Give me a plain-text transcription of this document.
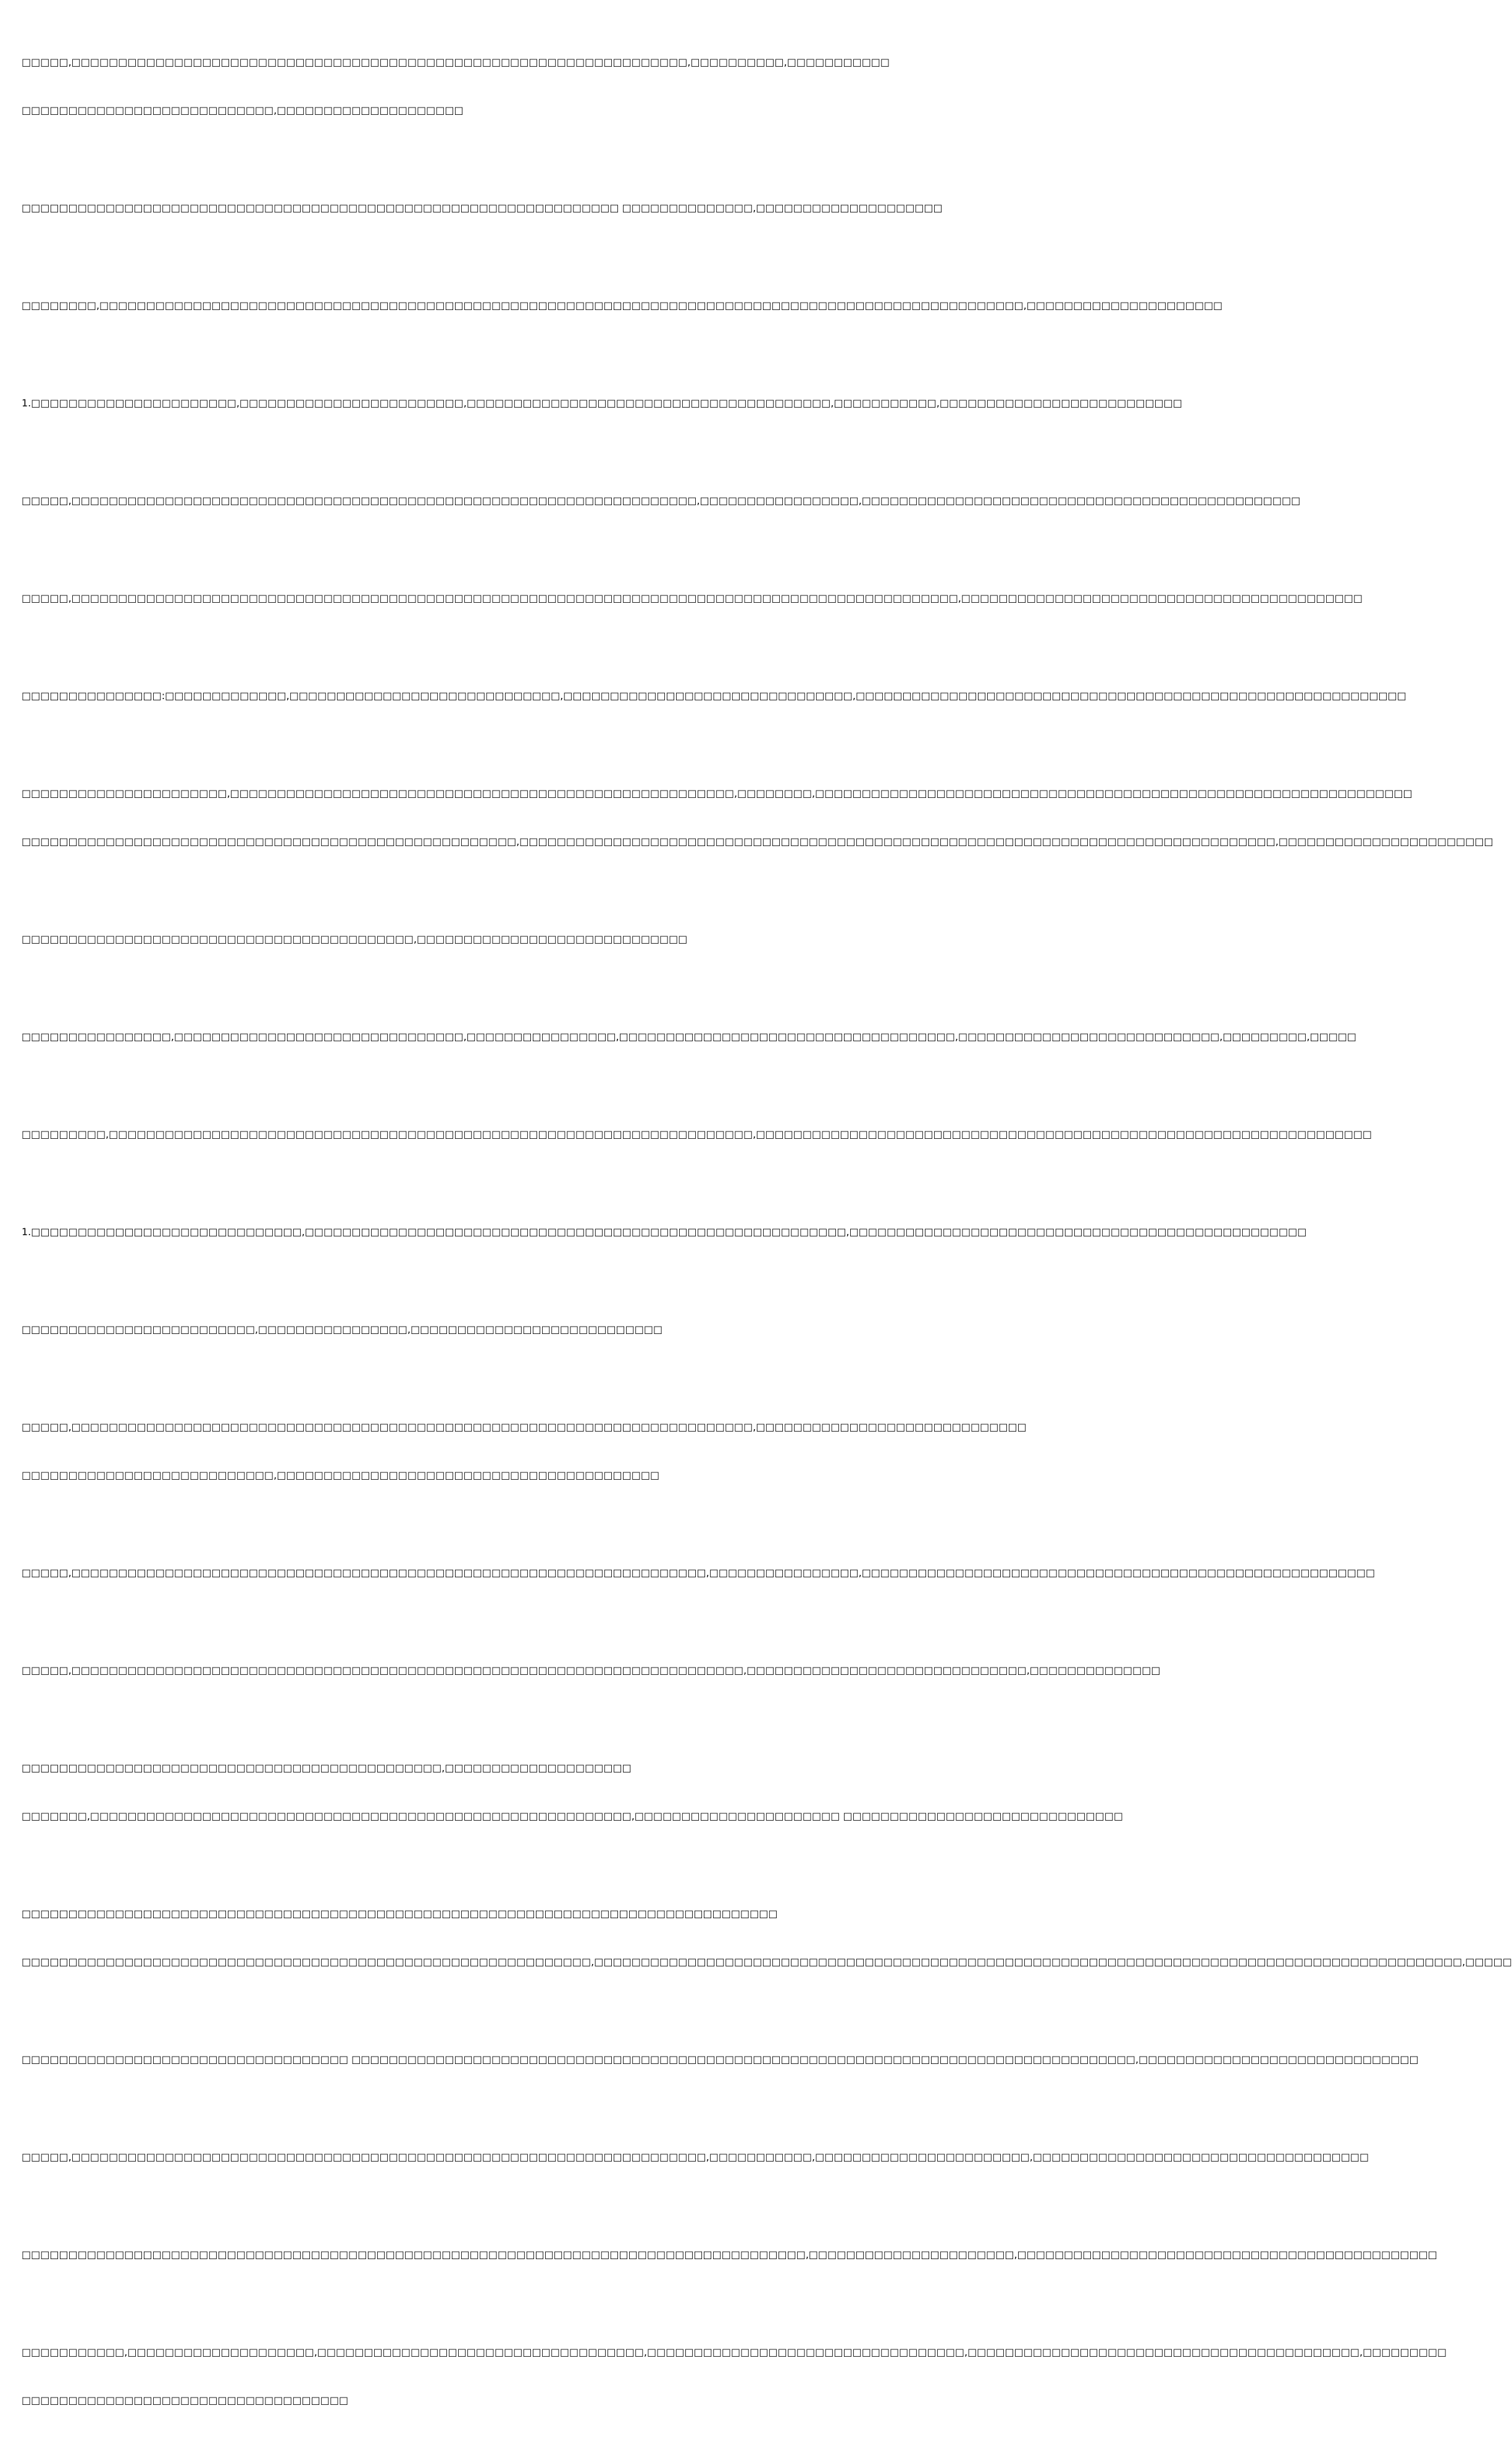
□□□□□,□□□□□□□□□□□□□□□□□□□□□□□□□□□□□□□□□□□□□□□□□□□□□□□□□□□□□□□□□□□□□□□□□□,□□□□□□□□□□,□□□□□□□□□□□

□□□□□□□□□□□□□□□□□□□□□□□□□□□,□□□□□□□□□□□□□□□□□□□□

□□□□□□□□□□□□□□□□□□□□□□□□□□□□□□□□□□□□□□□□□□□□□□□□□□□□□□□□□□□□□□□□ □□□□□□□□□□□□□□,□□□□□□□□□□□□□□□□□□□□

□□□□□□□□,□□□□□□□□□□□□□□□□□□□□□□□□□□□□□□□□□□□□□□□□□□□□□□□□□□□□□□□□□□□□□□□□□□□□□□□□□□□□□□□□□□□□□□□□□□□□□□□□□□□,□□□□□□□□□□□□□□□□□□□□□

1.□□□□□□□□□□□□□□□□□□□□□□,□□□□□□□□□□□□□□□□□□□□□□□□,□□□□□□□□□□□□□□□□□□□□□□□□□□□□□□□□□□□□□□□,□□□□□□□□□□□,□□□□□□□□□□□□□□□□□□□□□□□□□□

□□□□□,□□□□□□□□□□□□□□□□□□□□□□□□□□□□□□□□□□□□□□□□□□□□□□□□□□□□□□□□□□□□□□□□□□□,□□□□□□□□□□□□□□□□□,□□□□□□□□□□□□□□□□□□□□□□□□□□□□□□□□□□□□□□□□□□□□□□□

□□□□□,□□□□□□□□□□□□□□□□□□□□□□□□□□□□□□□□□□□□□□□□□□□□□□□□□□□□□□□□□□□□□□□□□□□□□□□□□□□□□□□□□□□□□□□□□□□□□□□,□□□□□□□□□□□□□□□□□□□□□□□□□□□□□□□□□□□□□□□□□□□

□□□□□□□□□□□□□□□:□□□□□□□□□□□□□,□□□□□□□□□□□□□□□□□□□□□□□□□□□□□,□□□□□□□□□□□□□□□□□□□□□□□□□□□□□□□,□□□□□□□□□□□□□□□□□□□□□□□□□□□□□□□□□□□□□□□□□□□□□□□□□□□□□□□□□□□

□□□□□□□□□□□□□□□□□□□□□□,□□□□□□□□□□□□□□□□□□□□□□□□□□□□□□□□□□□□□□□□□□□□□□□□□□□□□□,□□□□□□□□,□□□□□□□□□□□□□□□□□□□□□□□□□□□□□□□□□□□□□□□□□□□□□□□□□□□□□□□□□□□□□□□□

□□□□□□□□□□□□□□□□□□□□□□□□□□□□□□□□□□□□□□□□□□□□□□□□□□□□□,□□□□□□□□□□□□□□□□□□□□□□□□□□□□□□□□□□□□□□□□□□□□□□□□□□□□□□□□□□□□□□□□□□□□□□□□□□□□□□□□□,□□□□□□□□□□□□□□□□□□□□□□□

□□□□□□□□□□□□□□□□□□□□□□□□□□□□□□□□□□□□□□□□□□,□□□□□□□□□□□□□□□□□□□□□□□□□□□□□

□□□□□□□□□□□□□□□□,□□□□□□□□□□□□□□□□□□□□□□□□□□□□□□□,□□□□□□□□□□□□□□□□,□□□□□□□□□□□□□□□□□□□□□□□□□□□□□□□□□□□□,□□□□□□□□□□□□□□□□□□□□□□□□□□□□,□□□□□□□□□,□□□□□

□□□□□□□□□,□□□□□□□□□□□□□□□□□□□□□□□□□□□□□□□□□□□□□□□□□□□□□□□□□□□□□□□□□□□□□□□□□□□□□,□□□□□□□□□□□□□□□□□□□□□□□□□□□□□□□□□□□□□□□□□□□□□□□□□□□□□□□□□□□□□□□□□□

1.□□□□□□□□□□□□□□□□□□□□□□□□□□□□□,□□□□□□□□□□□□□□□□□□□□□□□□□□□□□□□□□□□□□□□□□□□□□□□□□□□□□□□□□□,□□□□□□□□□□□□□□□□□□□□□□□□□□□□□□□□□□□□□□□□□□□□□□□□□

□□□□□□□□□□□□□□□□□□□□□□□□□,□□□□□□□□□□□□□□□□,□□□□□□□□□□□□□□□□□□□□□□□□□□□

□□□□□,□□□□□□□□□□□□□□□□□□□□□□□□□□□□□□□□□□□□□□□□□□□□□□□□□□□□□□□□□□□□□□□□□□□□□□□□□,□□□□□□□□□□□□□□□□□□□□□□□□□□□□□

□□□□□□□□□□□□□□□□□□□□□□□□□□□,□□□□□□□□□□□□□□□□□□□□□□□□□□□□□□□□□□□□□□□□□

□□□□□,□□□□□□□□□□□□□□□□□□□□□□□□□□□□□□□□□□□□□□□□□□□□□□□□□□□□□□□□□□□□□□□□□□□□,□□□□□□□□□□□□□□□□,□□□□□□□□□□□□□□□□□□□□□□□□□□□□□□□□□□□□□□□□□□□□□□□□□□□□□□□

□□□□□,□□□□□□□□□□□□□□□□□□□□□□□□□□□□□□□□□□□□□□□□□□□□□□□□□□□□□□□□□□□□□□□□□□□□□□□□,□□□□□□□□□□□□□□□□□□□□□□□□□□□□□□,□□□□□□□□□□□□□□

□□□□□□□□□□□□□□□□□□□□□□□□□□□□□□□□□□□□□□□□□□□□□,□□□□□□□□□□□□□□□□□□□□

□□□□□□□,□□□□□□□□□□□□□□□□□□□□□□□□□□□□□□□□□□□□□□□□□□□□□□□□□□□□□□□□□□,□□□□□□□□□□□□□□□□□□□□□□ □□□□□□□□□□□□□□□□□□□□□□□□□□□□□□

□□□□□□□□□□□□□□□□□□□□□□□□□□□□□□□□□□□□□□□□□□□□□□□□□□□□□□□□□□□□□□□□□□□□□□□□□□□□□□□□□

□□□□□□□□□□□□□□□□□□□□□□□□□□□□□□□□□□□□□□□□□□□□□□□□□□□□□□□□□□□□□,□□□□□□□□□□□□□□□□□□□□□□□□□□□□□□□□□□□□□□□□□□□□□□□□□□□□□□□□□□□□□□□□□□□□□□□□□□□□□□□□□□□□□□□□□□□□□,□□□□□

□□□□□□□□□□□□□□□□□□□□□□□□□□□□□□□□□□□ □□□□□□□□□□□□□□□□□□□□□□□□□□□□□□□□□□□□□□□□□□□□□□□□□□□□□□□□□□□□□□□□□□□□□□□□□□□□□□□□□□□□,□□□□□□□□□□□□□□□□□□□□□□□□□□□□□□

□□□□□,□□□□□□□□□□□□□□□□□□□□□□□□□□□□□□□□□□□□□□□□□□□□□□□□□□□□□□□□□□□□□□□□□□□□,□□□□□□□□□□□,□□□□□□□□□□□□□□□□□□□□□□□,□□□□□□□□□□□□□□□□□□□□□□□□□□□□□□□□□□□□

□□□□□□□□□□□□□□□□□□□□□□□□□□□□□□□□□□□□□□□□□□□□□□□□□□□□□□□□□□□□□□□□□□□□□□□□□□□□□□□□□□□□,□□□□□□□□□□□□□□□□□□□□□□,□□□□□□□□□□□□□□□□□□□□□□□□□□□□□□□□□□□□□□□□□□□□□

□□□□□□□□□□□,□□□□□□□□□□□□□□□□□□□□,□□□□□□□□□□□□□□□□□□□□□□□□□□□□□□□□□□□,□□□□□□□□□□□□□□□□□□□□□□□□□□□□□□□□□□,□□□□□□□□□□□□□□□□□□□□□□□□□□□□□□□□□□□□□□□□□□,□□□□□□□□□

□□□□□□□□□□□□□□□□□□□□□□□□□□□□□□□□□□□
